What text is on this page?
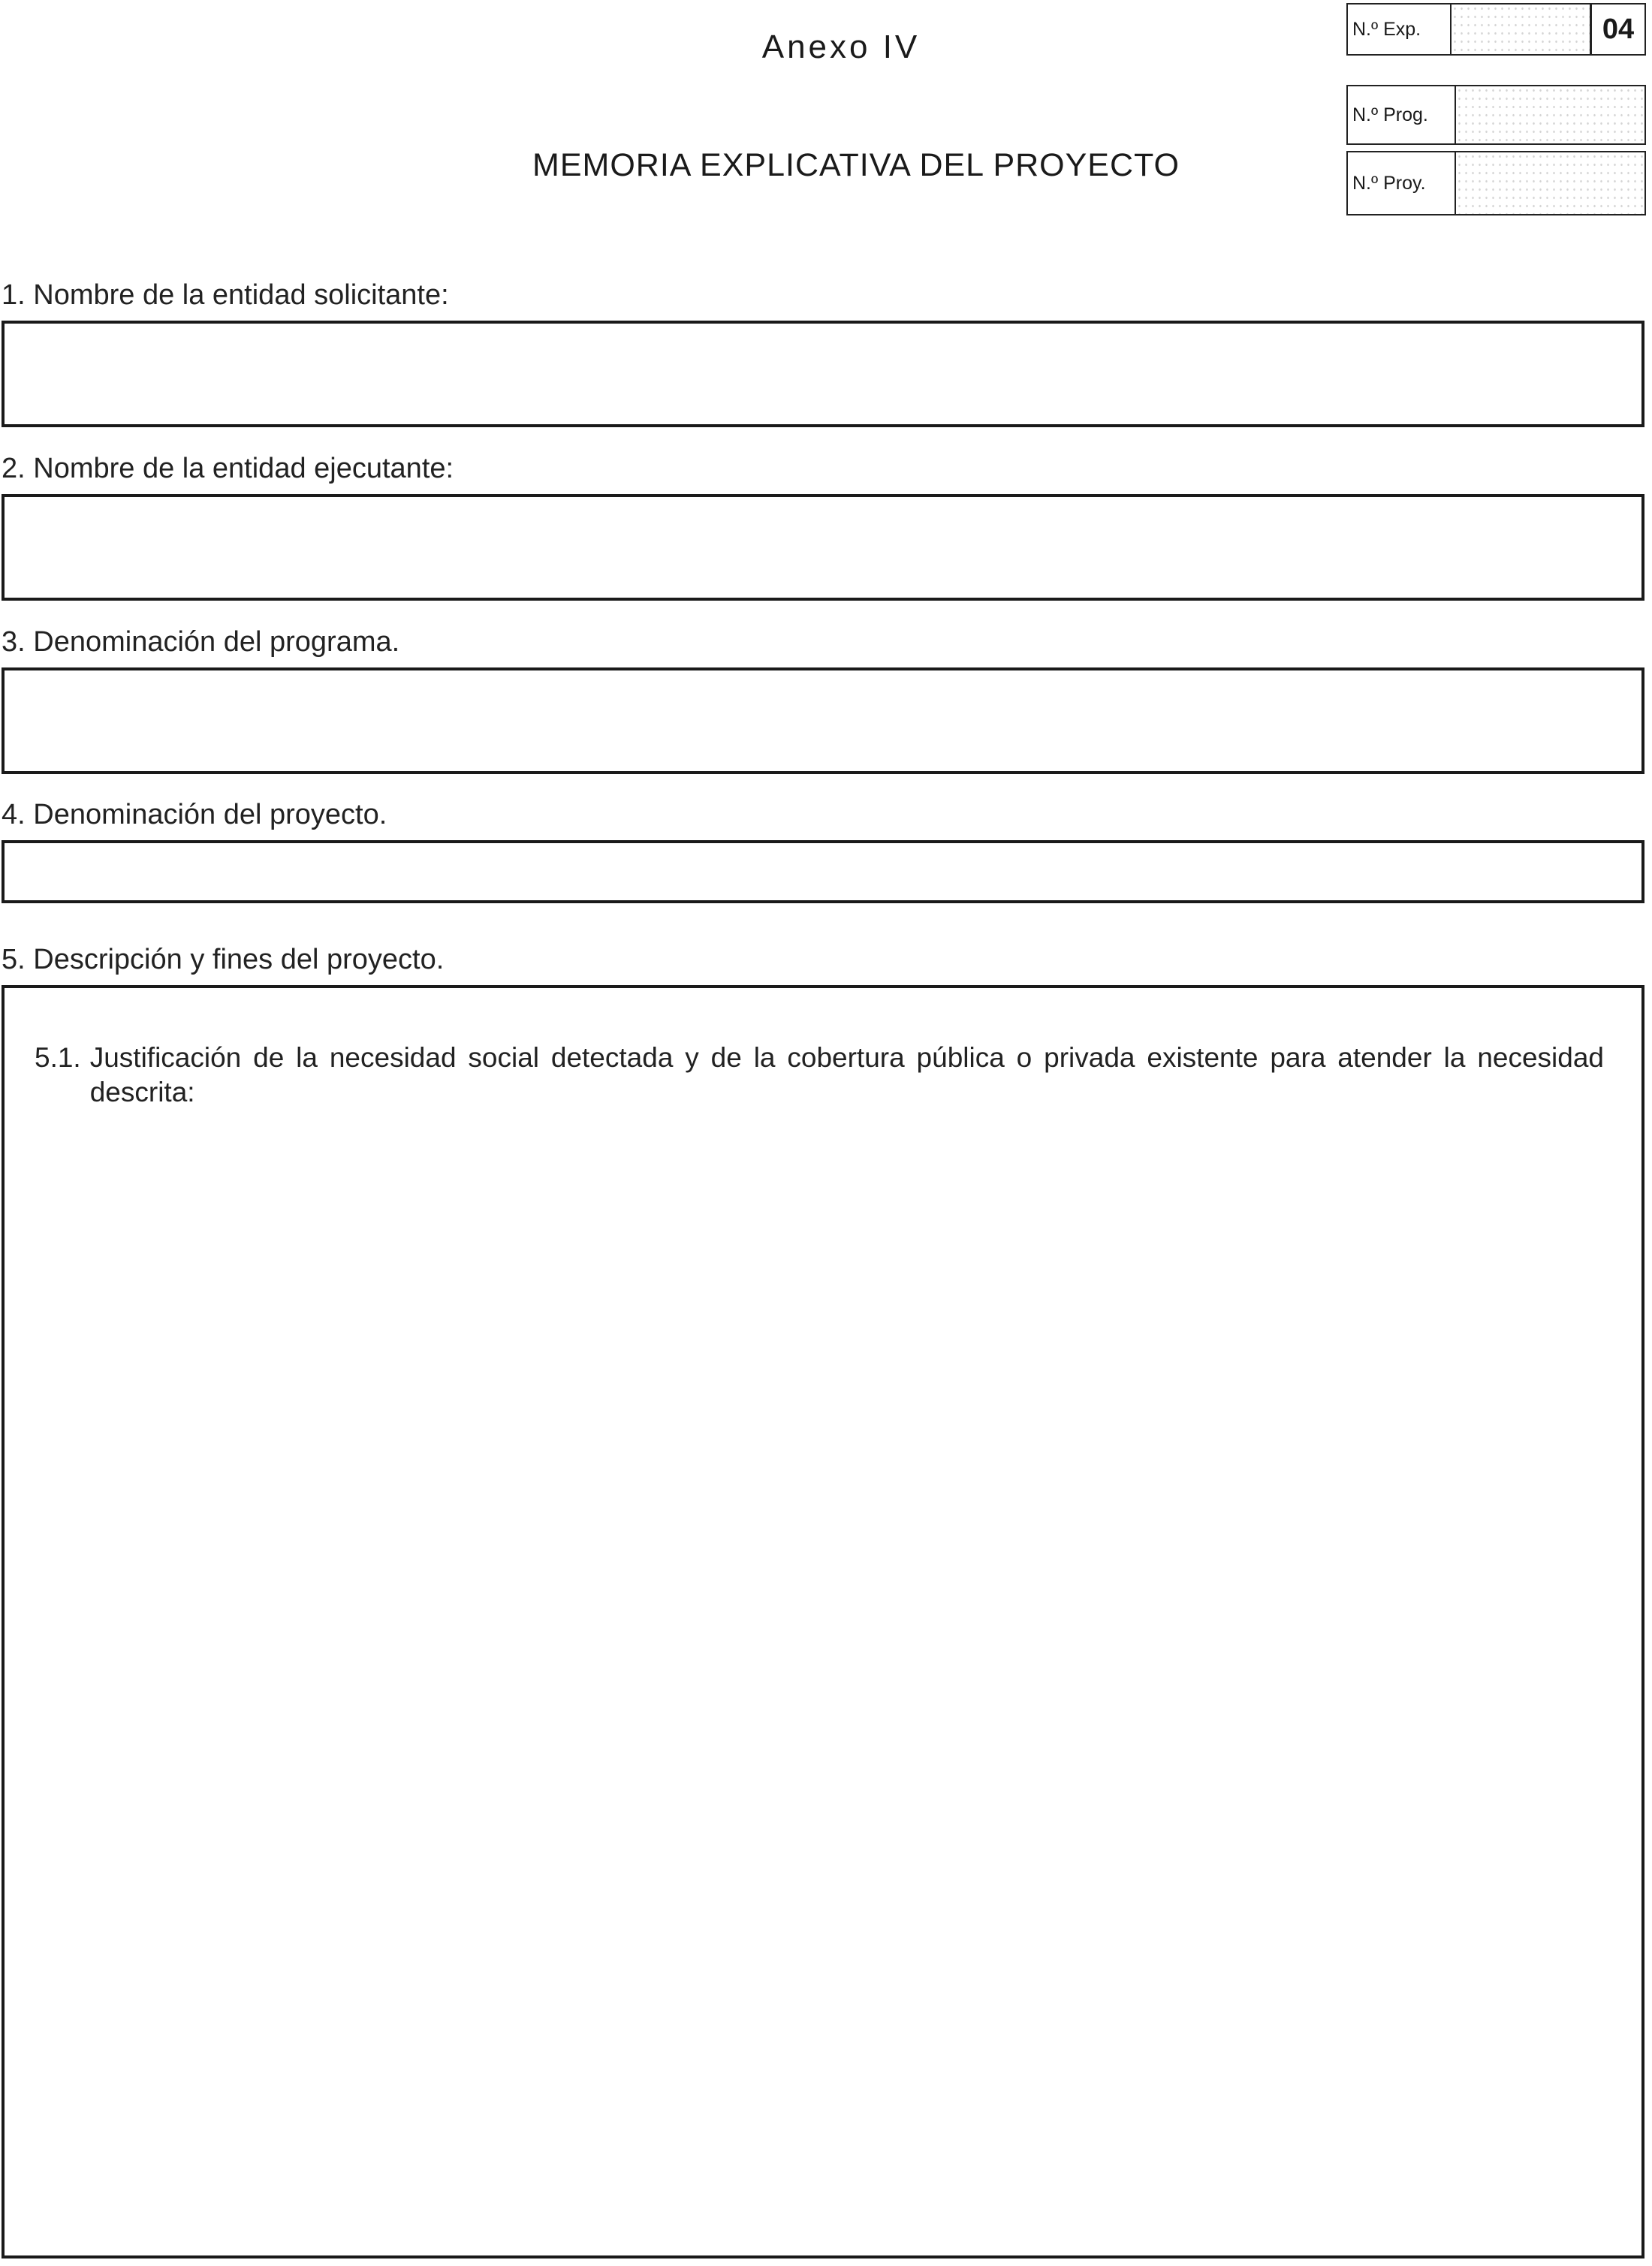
Anexo IV
MEMORIA EXPLICATIVA DEL PROYECTO
N.º Exp.	04
N.º Prog.
N.º Proy.
1. Nombre de la entidad solicitante:
2. Nombre de la entidad ejecutante:
3. Denominación del programa.
4. Denominación del proyecto.
5. Descripción y fines del proyecto.
5.1. Justificación de la necesidad social detectada y de la cobertura pública o privada existente para atender la necesidad descrita:
